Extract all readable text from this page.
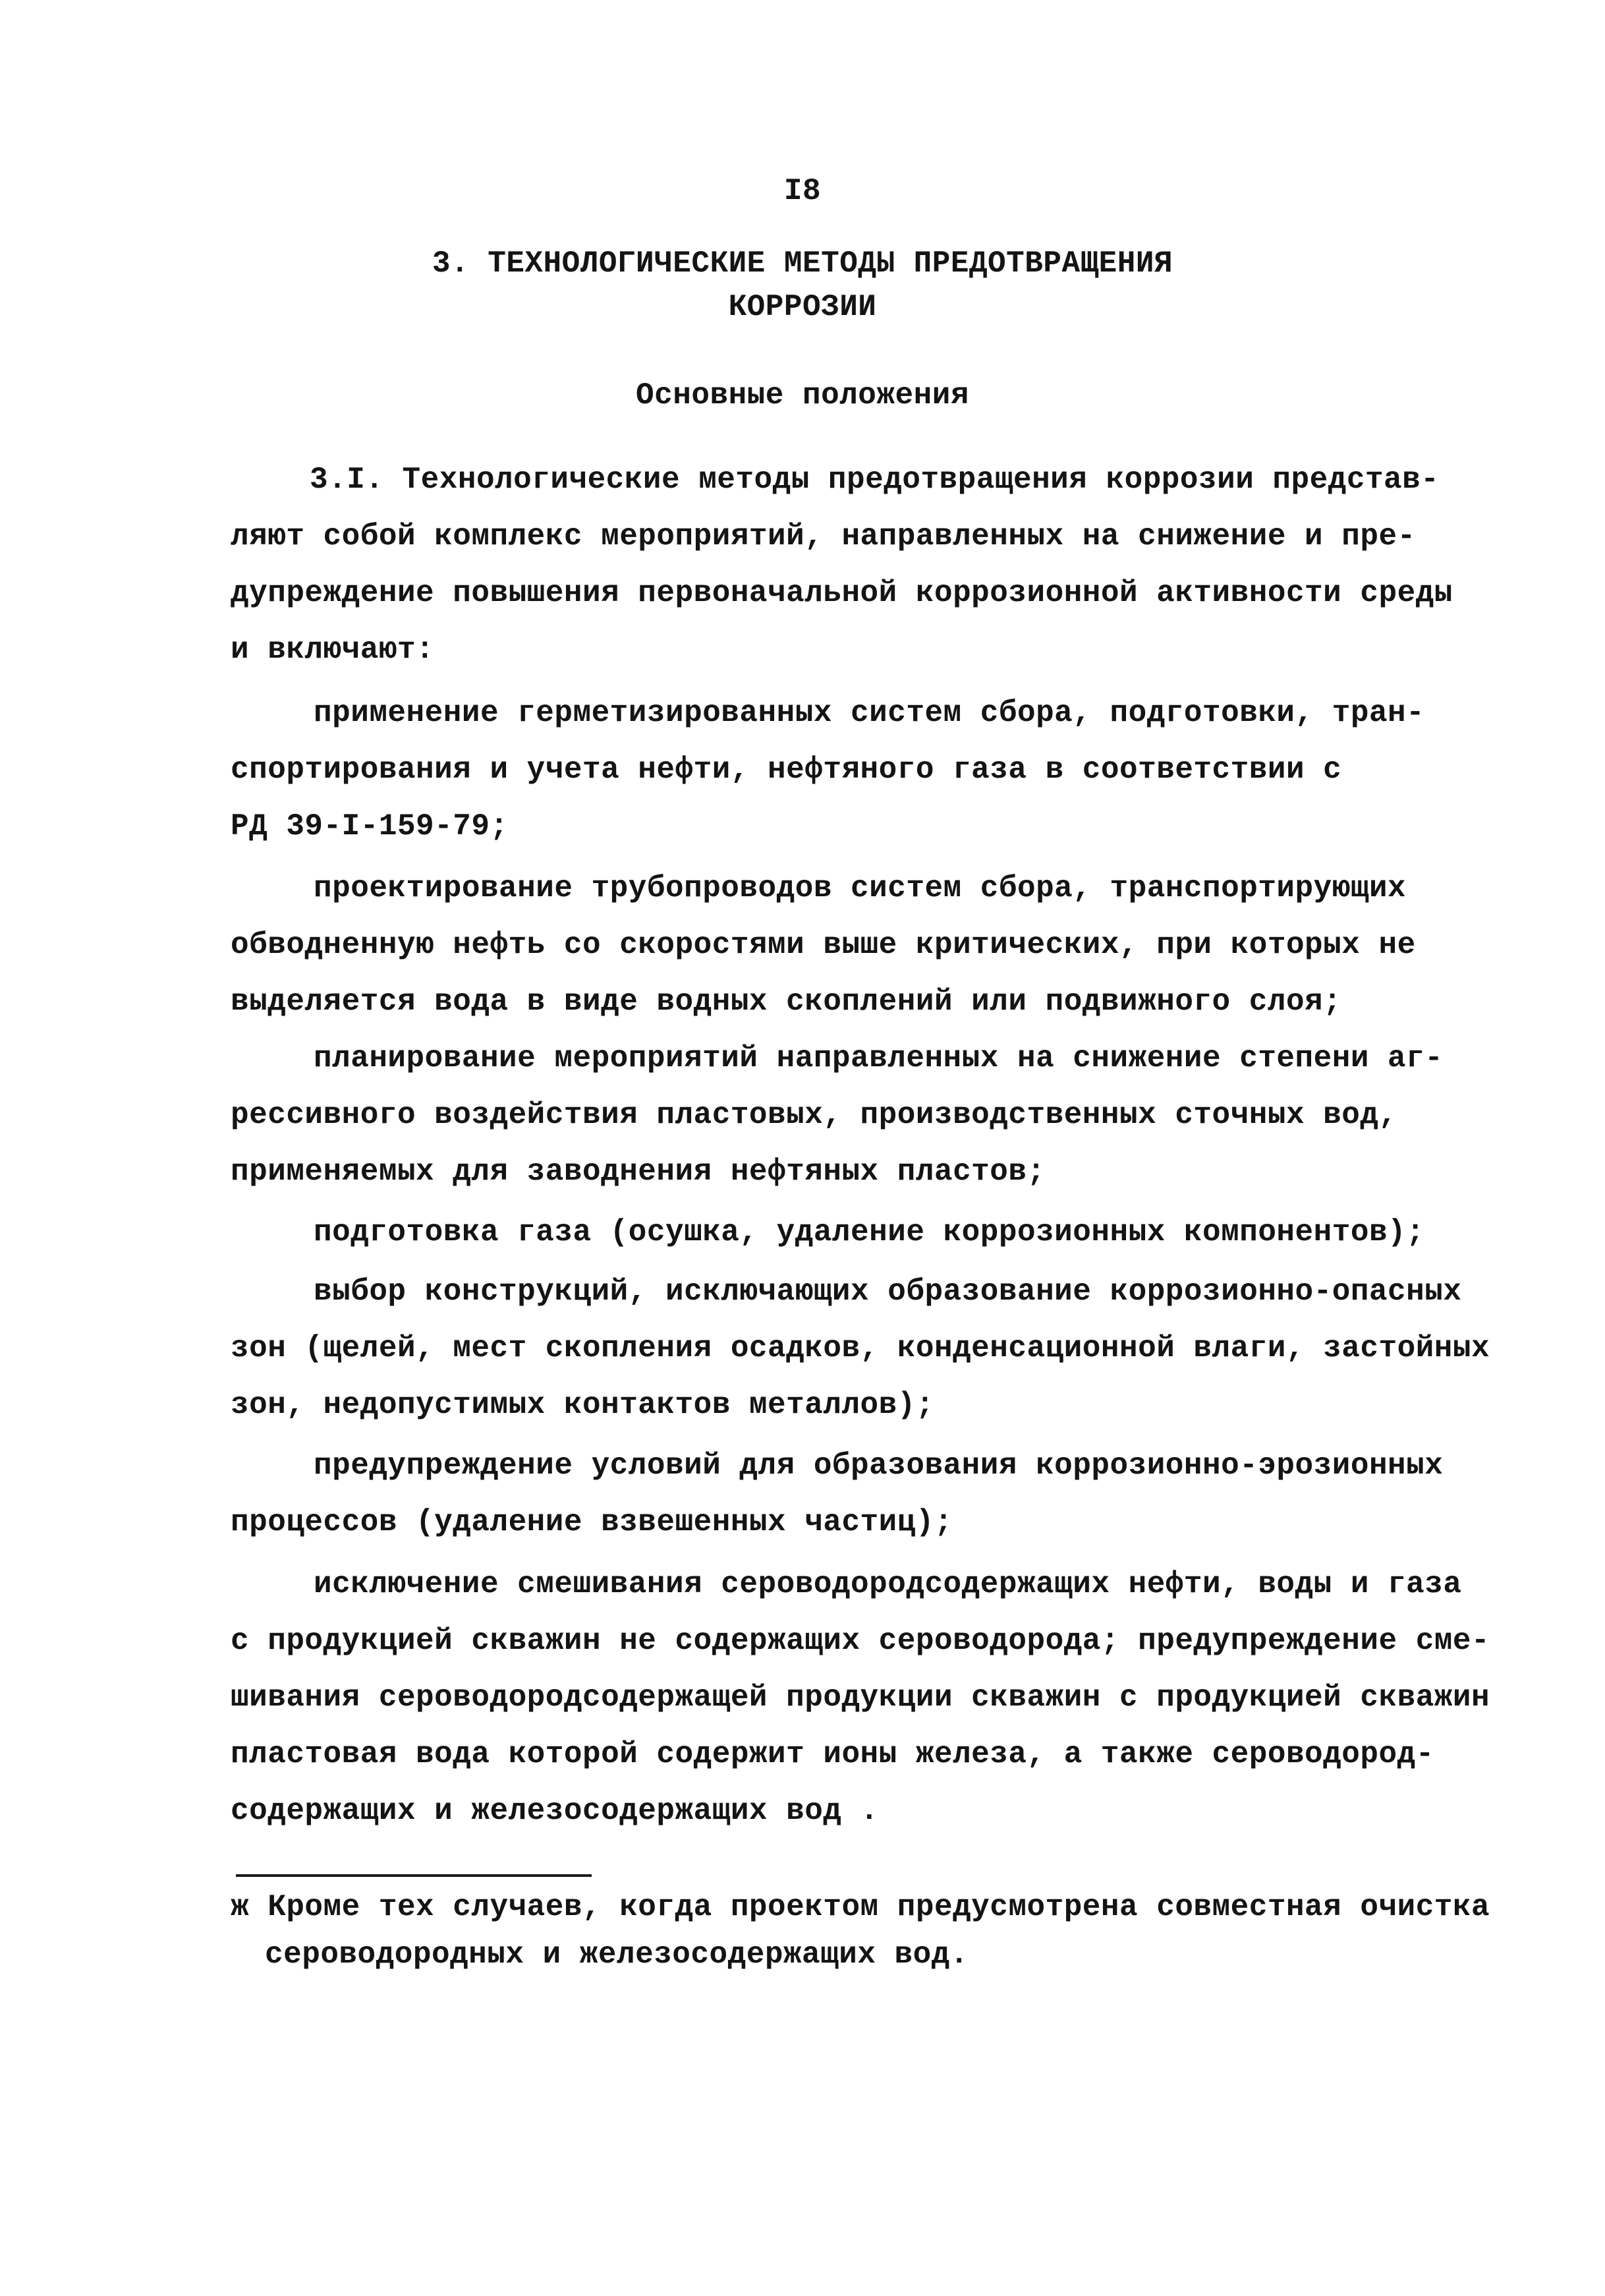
I8
3. ТЕХНОЛОГИЧЕСКИЕ МЕТОДЫ ПРЕДОТВРАЩЕНИЯ
КОРРОЗИИ
Основные положения
3.I. Технологические методы предотвращения коррозии представ-
ляют собой комплекс мероприятий, направленных на снижение и пре-
дупреждение повышения первоначальной коррозионной активности среды
и включают:
применение герметизированных систем сбора, подготовки, тран-
спортирования и учета нефти, нефтяного газа в соответствии с
РД 39-I-159-79;
проектирование трубопроводов систем сбора, транспортирующих
обводненную нефть со скоростями выше критических, при которых не
выделяется вода в виде водных скоплений или подвижного слоя;
планирование мероприятий направленных на снижение степени аг-
рессивного воздействия пластовых, производственных сточных вод,
применяемых для заводнения нефтяных пластов;
подготовка газа (осушка, удаление коррозионных компонентов);
выбор конструкций, исключающих образование коррозионно-опасных
зон (щелей, мест скопления осадков, конденсационной влаги, застойных
зон, недопустимых контактов металлов);
предупреждение условий для образования коррозионно-эрозионных
процессов (удаление взвешенных частиц);
исключение смешивания сероводородсодержащих нефти, воды и газа
с продукцией скважин не содержащих сероводорода; предупреждение сме-
шивания сероводородсодержащей продукции скважин с продукцией скважин
пластовая вода которой содержит ионы железа, а также сероводород-
содержащих и железосодержащих вод .
ж Кроме тех случаев, когда проектом предусмотрена совместная очистка
сероводородных и железосодержащих вод.
